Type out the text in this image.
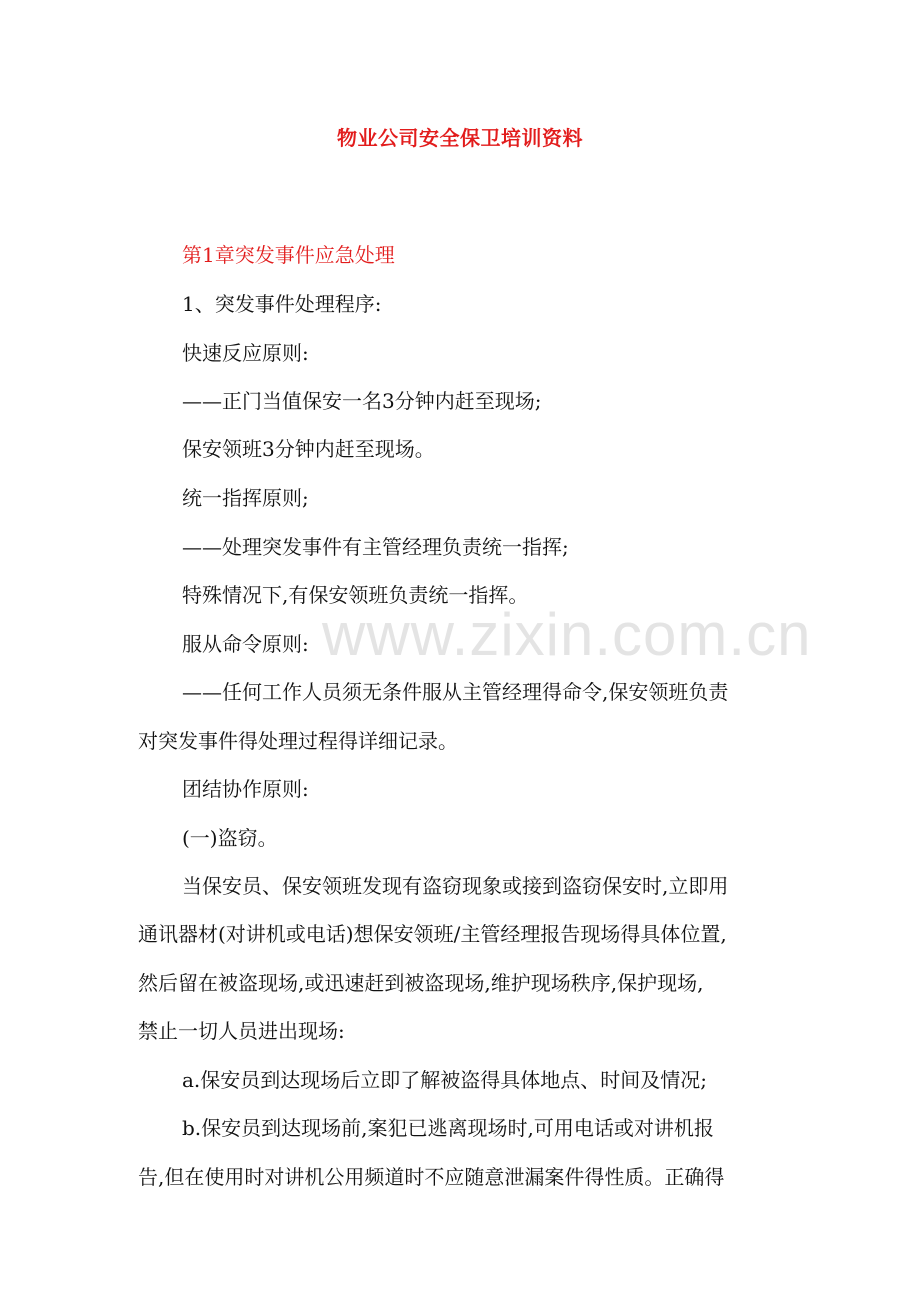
www.zixin.com.cn
物业公司安全保卫培训资料
第1章突发事件应急处理
1、突发事件处理程序:
快速反应原则:
——正门当值保安一名3分钟内赶至现场;
保安领班3分钟内赶至现场。
统一指挥原则;
——处理突发事件有主管经理负责统一指挥;
特殊情况下,有保安领班负责统一指挥。
服从命令原则:
——任何工作人员须无条件服从主管经理得命令,保安领班负责
对突发事件得处理过程得详细记录。
团结协作原则:
(一)盗窃。
当保安员、保安领班发现有盗窃现象或接到盗窃保安时,立即用
通讯器材(对讲机或电话)想保安领班/主管经理报告现场得具体位置,
然后留在被盗现场,或迅速赶到被盗现场,维护现场秩序,保护现场,
禁止一切人员进出现场:
a.保安员到达现场后立即了解被盗得具体地点、时间及情况;
b.保安员到达现场前,案犯已逃离现场时,可用电话或对讲机报
告,但在使用时对讲机公用频道时不应随意泄漏案件得性质。正确得
